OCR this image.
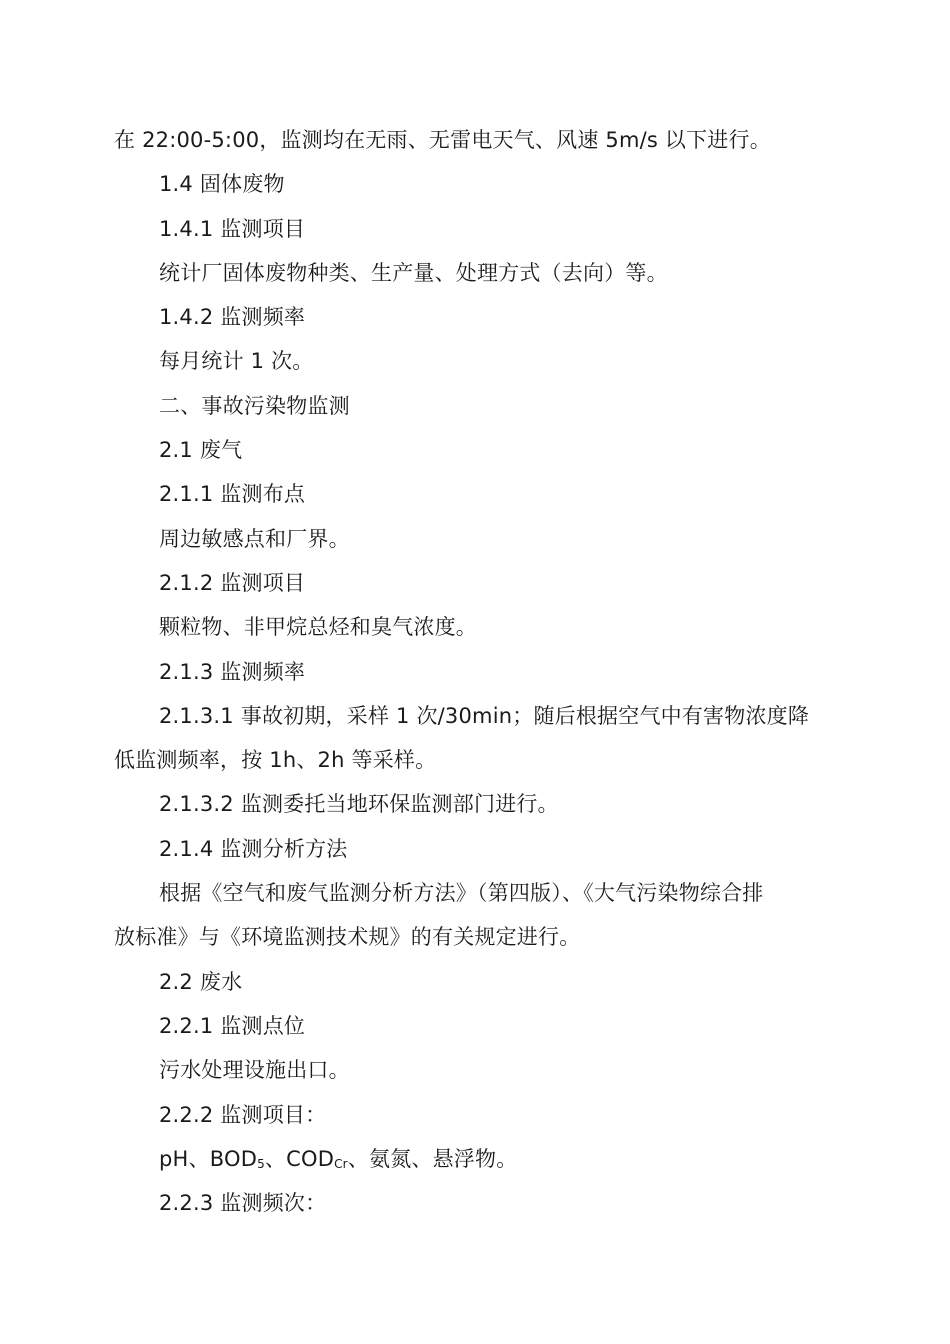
在 22:00-5:00，监测均在无雨、无雷电天气、风速 5m/s 以下进行。

1.4 固体废物

1.4.1 监测项目

统计厂固体废物种类、生产量、处理方式（去向）等。

1.4.2 监测频率

每月统计 1 次。

二、事故污染物监测

2.1 废气

2.1.1 监测布点

周边敏感点和厂界。

2.1.2 监测项目

颗粒物、非甲烷总烃和臭气浓度。

2.1.3 监测频率

2.1.3.1 事故初期，采样 1 次/30min；随后根据空气中有害物浓度降

低监测频率，按 1h、2h 等采样。

2.1.3.2 监测委托当地环保监测部门进行。

2.1.4 监测分析方法

根据《空气和废气监测分析方法》（第四版）、《大气污染物综合排

放标准》与《环境监测技术规》的有关规定进行。

2.2 废水

2.2.1 监测点位

污水处理设施出口。

2.2.2 监测项目：

pH、$BOD_5$、$COD_{Cr}$、氨氮、悬浮物。

2.2.3 监测频次：
